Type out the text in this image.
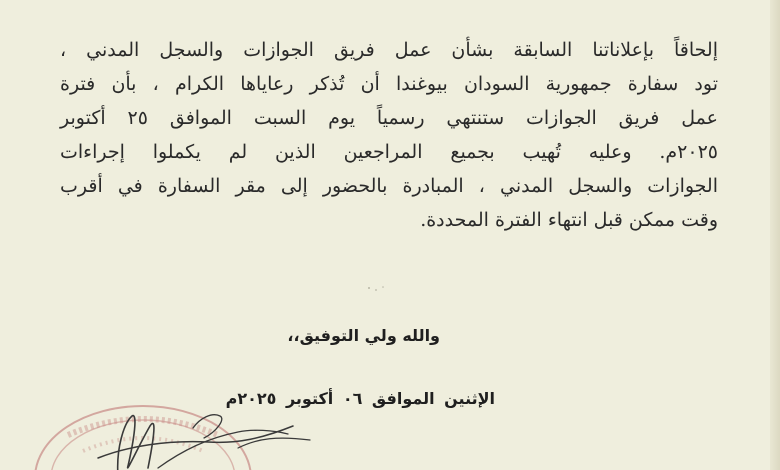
إلحاقاً بإعلاناتنا السابقة بشأن عمل فريق الجوازات والسجل المدني ،
تود سفارة جمهورية السودان بيوغندا أن تُذكر رعاياها الكرام ، بأن فترة
عمل فريق الجوازات ستنتهي رسمياً يوم السبت الموافق ٢٥ أكتوبر
٢٠٢٥م. وعليه تُهيب بجميع المراجعين الذين لم يكملوا إجراءات
الجوازات والسجل المدني ، المبادرة بالحضور إلى مقر السفارة في أقرب
وقت ممكن قبل انتهاء الفترة المحددة.
والله ولي التوفيق،،
الإثنين الموافق ٠٦ أكتوبر ٢٠٢٥م
